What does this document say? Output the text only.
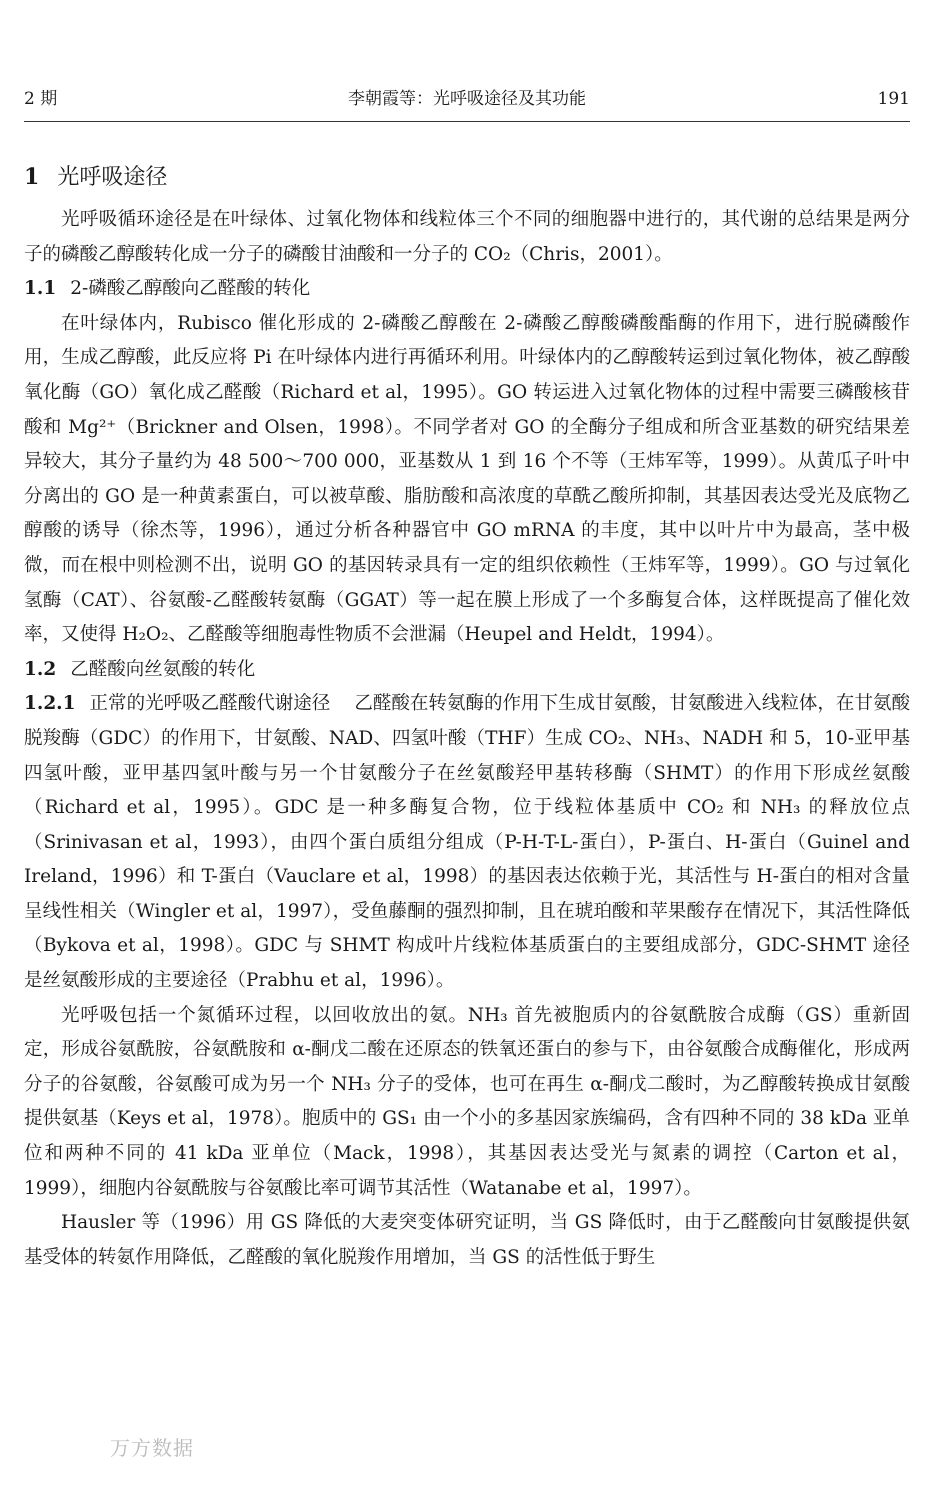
2 期	李朝霞等：光呼吸途径及其功能	191
1 光呼吸途径

光呼吸循环途径是在叶绿体、过氧化物体和线粒体三个不同的细胞器中进行的，其代谢的总结果是两分子的磷酸乙醇酸转化成一分子的磷酸甘油酸和一分子的 CO₂（Chris，2001）。

1.1 2-磷酸乙醇酸向乙醛酸的转化

在叶绿体内，Rubisco 催化形成的 2-磷酸乙醇酸在 2-磷酸乙醇酸磷酸酯酶的作用下，进行脱磷酸作用，生成乙醇酸，此反应将 Pi 在叶绿体内进行再循环利用。叶绿体内的乙醇酸转运到过氧化物体，被乙醇酸氧化酶（GO）氧化成乙醛酸（Richard et al，1995）。GO 转运进入过氧化物体的过程中需要三磷酸核苷酸和 Mg²⁺（Brickner and Olsen，1998）。不同学者对 GO 的全酶分子组成和所含亚基数的研究结果差异较大，其分子量约为 48 500～700 000，亚基数从 1 到 16 个不等（王炜军等，1999）。从黄瓜子叶中分离出的 GO 是一种黄素蛋白，可以被草酸、脂肪酸和高浓度的草酰乙酸所抑制，其基因表达受光及底物乙醇酸的诱导（徐杰等，1996），通过分析各种器官中 GO mRNA 的丰度，其中以叶片中为最高，茎中极微，而在根中则检测不出，说明 GO 的基因转录具有一定的组织依赖性（王炜军等，1999）。GO 与过氧化氢酶（CAT）、谷氨酸-乙醛酸转氨酶（GGAT）等一起在膜上形成了一个多酶复合体，这样既提高了催化效率，又使得 H₂O₂、乙醛酸等细胞毒性物质不会泄漏（Heupel and Heldt，1994）。

1.2 乙醛酸向丝氨酸的转化

1.2.1 正常的光呼吸乙醛酸代谢途径 乙醛酸在转氨酶的作用下生成甘氨酸，甘氨酸进入线粒体，在甘氨酸脱羧酶（GDC）的作用下，甘氨酸、NAD、四氢叶酸（THF）生成 CO₂、NH₃、NADH 和 5，10-亚甲基四氢叶酸，亚甲基四氢叶酸与另一个甘氨酸分子在丝氨酸羟甲基转移酶（SHMT）的作用下形成丝氨酸（Richard et al，1995）。GDC 是一种多酶复合物，位于线粒体基质中 CO₂ 和 NH₃ 的释放位点（Srinivasan et al，1993），由四个蛋白质组分组成（P-H-T-L-蛋白），P-蛋白、H-蛋白（Guinel and Ireland，1996）和 T-蛋白（Vauclare et al，1998）的基因表达依赖于光，其活性与 H-蛋白的相对含量呈线性相关（Wingler et al，1997），受鱼藤酮的强烈抑制，且在琥珀酸和苹果酸存在情况下，其活性降低（Bykova et al，1998）。GDC 与 SHMT 构成叶片线粒体基质蛋白的主要组成部分，GDC-SHMT 途径是丝氨酸形成的主要途径（Prabhu et al，1996）。

光呼吸包括一个氮循环过程，以回收放出的氨。NH₃ 首先被胞质内的谷氨酰胺合成酶（GS）重新固定，形成谷氨酰胺，谷氨酰胺和 α-酮戊二酸在还原态的铁氧还蛋白的参与下，由谷氨酸合成酶催化，形成两分子的谷氨酸，谷氨酸可成为另一个 NH₃ 分子的受体，也可在再生 α-酮戊二酸时，为乙醇酸转换成甘氨酸提供氨基（Keys et al，1978）。胞质中的 GS₁ 由一个小的多基因家族编码，含有四种不同的 38 kDa 亚单位和两种不同的 41 kDa 亚单位（Mack，1998），其基因表达受光与氮素的调控（Carton et al，1999），细胞内谷氨酰胺与谷氨酸比率可调节其活性（Watanabe et al，1997）。

Hausler 等（1996）用 GS 降低的大麦突变体研究证明，当 GS 降低时，由于乙醛酸向甘氨酸提供氨基受体的转氨作用降低，乙醛酸的氧化脱羧作用增加，当 GS 的活性低于野生

万方数据
